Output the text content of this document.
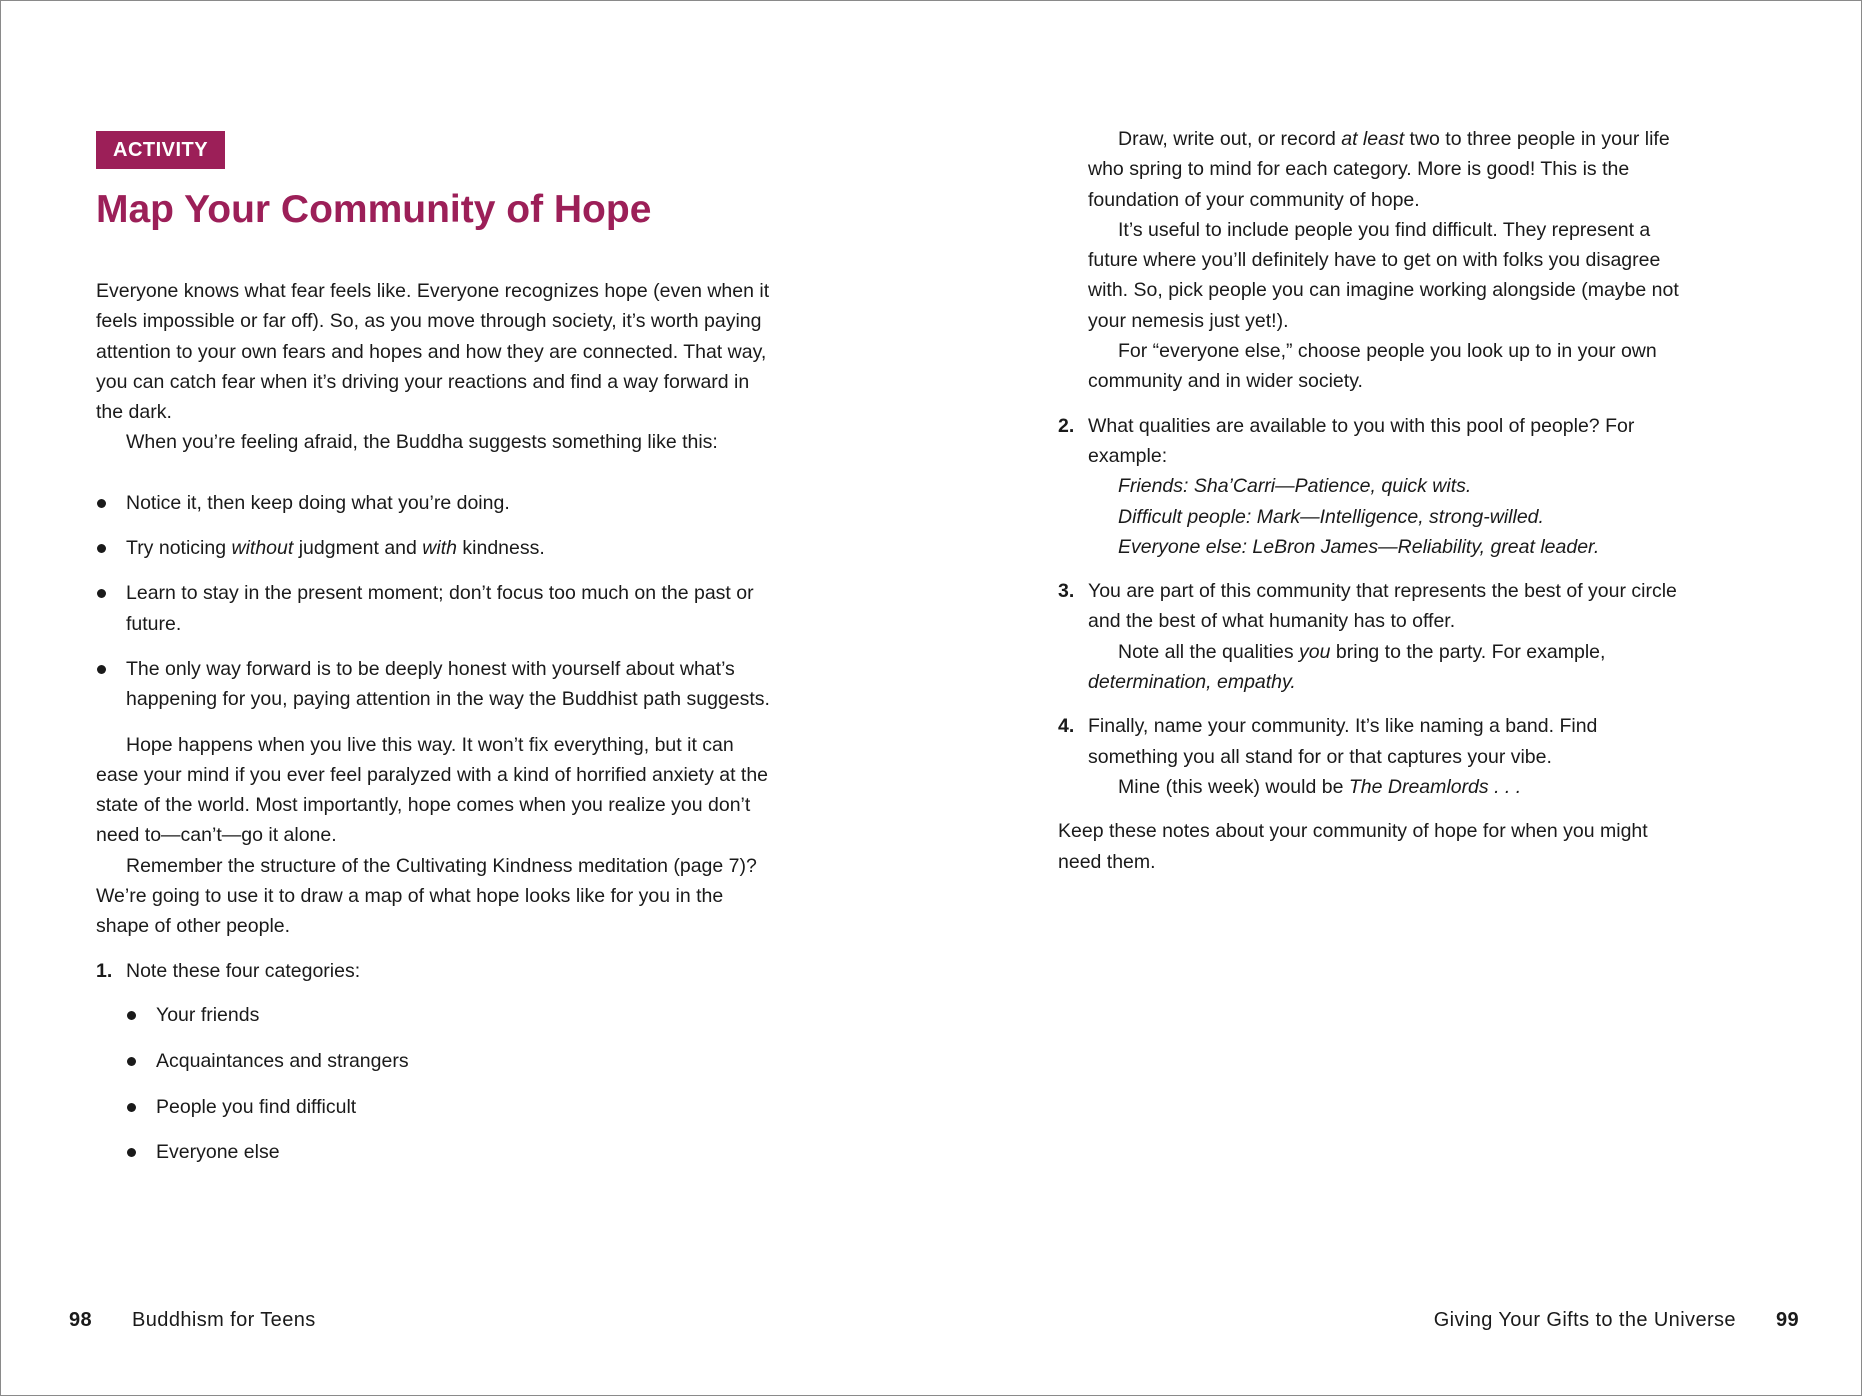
ACTIVITY
Map Your Community of Hope

Everyone knows what fear feels like. Everyone recognizes hope (even when it feels impossible or far off). So, as you move through society, it’s worth paying attention to your own fears and hopes and how they are connected. That way, you can catch fear when it’s driving your reactions and find a way forward in the dark.

When you’re feeling afraid, the Buddha suggests something like this:

Notice it, then keep doing what you’re doing.
Try noticing without judgment and with kindness.
Learn to stay in the present moment; don’t focus too much on the past or future.
The only way forward is to be deeply honest with yourself about what’s happening for you, paying attention in the way the Buddhist path suggests.

Hope happens when you live this way. It won’t fix everything, but it can ease your mind if you ever feel paralyzed with a kind of horrified anxiety at the state of the world. Most importantly, hope comes when you realize you don’t need to—can’t—go it alone.

Remember the structure of the Cultivating Kindness meditation (page 7)? We’re going to use it to draw a map of what hope looks like for you in the shape of other people.

1. Note these four categories:
Your friends
Acquaintances and strangers
People you find difficult
Everyone else
98 Buddhism for Teens

Draw, write out, or record at least two to three people in your life who spring to mind for each category. More is good! This is the foundation of your community of hope.

It’s useful to include people you find difficult. They represent a future where you’ll definitely have to get on with folks you disagree with. So, pick people you can imagine working alongside (maybe not your nemesis just yet!).

For “everyone else,” choose people you look up to in your own community and in wider society.

2. What qualities are available to you with this pool of people? For example:

Friends: Sha’Carri—Patience, quick wits.

Difficult people: Mark—Intelligence, strong-willed.

Everyone else: LeBron James—Reliability, great leader.

3. You are part of this community that represents the best of your circle and the best of what humanity has to offer.

Note all the qualities you bring to the party. For example, determination, empathy.

4. Finally, name your community. It’s like naming a band. Find something you all stand for or that captures your vibe.

Mine (this week) would be The Dreamlords . . .

Keep these notes about your community of hope for when you might need them.

Giving Your Gifts to the Universe 99
